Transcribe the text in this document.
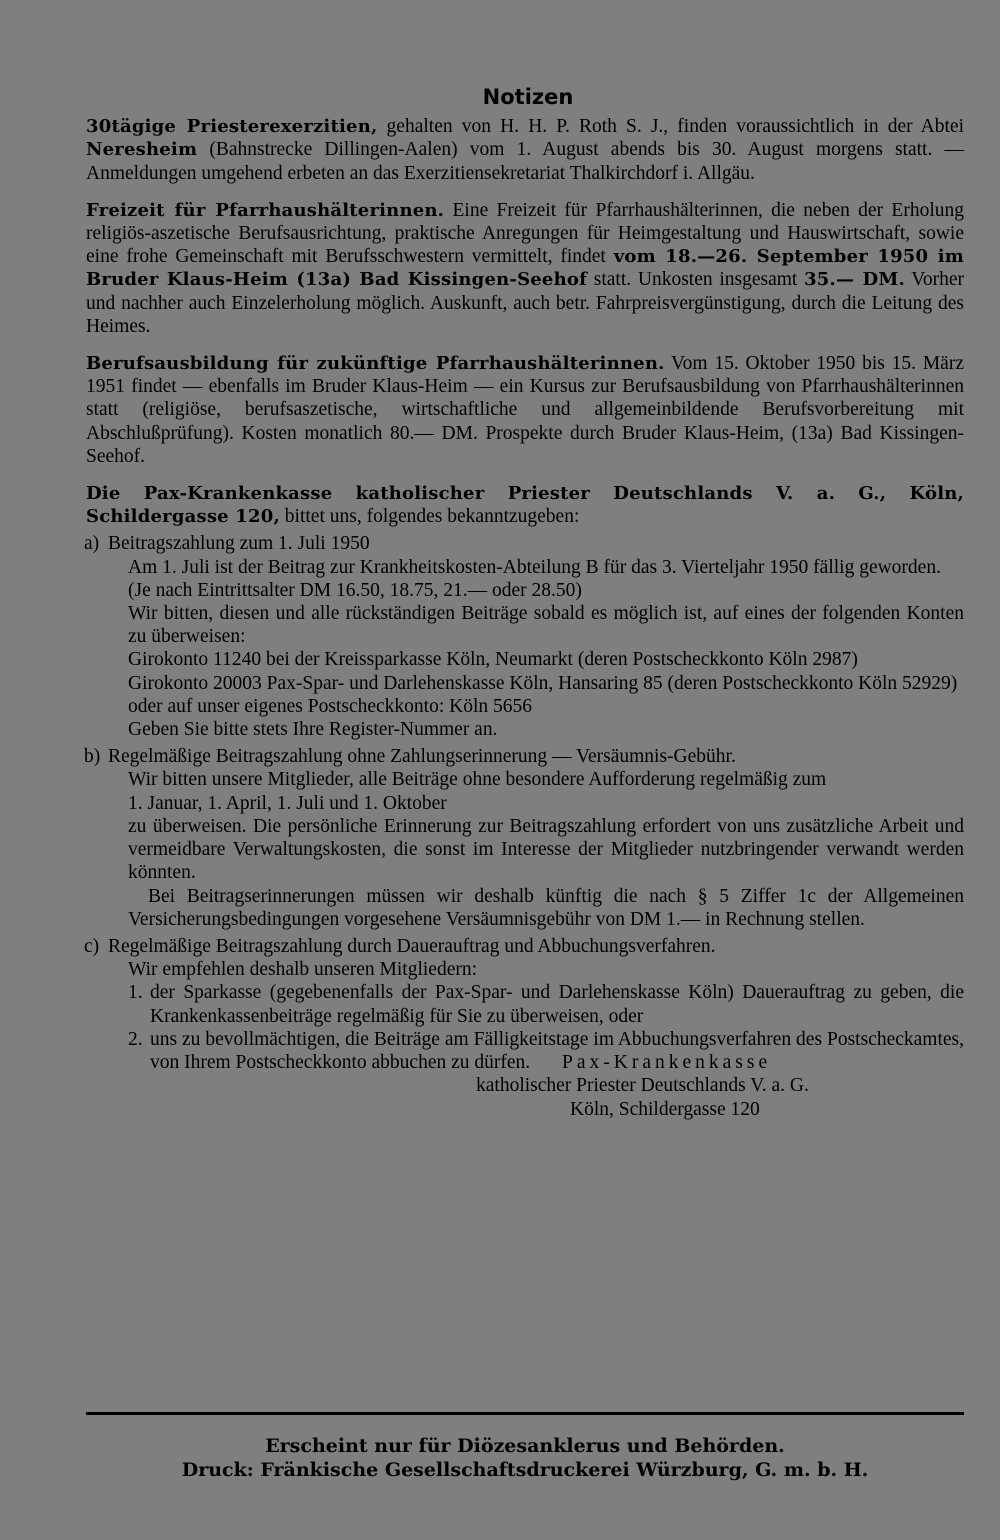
Notizen

30tägige Priesterexerzitien, gehalten von H. H. P. Roth S. J., finden voraussichtlich in der Abtei Neresheim (Bahnstrecke Dillingen-Aalen) vom 1. August abends bis 30. August morgens statt. — Anmeldungen umgehend erbeten an das Exerzitiensekretariat Thalkirchdorf i. Allgäu.

Freizeit für Pfarrhaushälterinnen. Eine Freizeit für Pfarrhaushälterinnen, die neben der Erholung religiös-aszetische Berufsausrichtung, praktische Anregungen für Heimgestaltung und Hauswirtschaft, sowie eine frohe Gemeinschaft mit Berufsschwestern vermittelt, findet vom 18.—26. September 1950 im Bruder Klaus-Heim (13a) Bad Kissingen-Seehof statt. Unkosten insgesamt 35.— DM. Vorher und nachher auch Einzelerholung möglich. Auskunft, auch betr. Fahrpreisvergünstigung, durch die Leitung des Heimes.

Berufsausbildung für zukünftige Pfarrhaushälterinnen. Vom 15. Oktober 1950 bis 15. März 1951 findet — ebenfalls im Bruder Klaus-Heim — ein Kursus zur Berufsausbildung von Pfarrhaushälterinnen statt (religiöse, berufsaszetische, wirtschaftliche und allgemeinbildende Berufsvorbereitung mit Abschlußprüfung). Kosten monatlich 80.— DM. Prospekte durch Bruder Klaus-Heim, (13a) Bad Kissingen-Seehof.

Die Pax-Krankenkasse katholischer Priester Deutschlands V. a. G., Köln, Schildergasse 120, bittet uns, folgendes bekanntzugeben:

a) Beitragszahlung zum 1. Juli 1950

Am 1. Juli ist der Beitrag zur Krankheitskosten-Abteilung B für das 3. Vierteljahr 1950 fällig geworden.

(Je nach Eintrittsalter DM 16.50, 18.75, 21.— oder 28.50)

Wir bitten, diesen und alle rückständigen Beiträge sobald es möglich ist, auf eines der folgenden Konten zu überweisen:

Girokonto 11240 bei der Kreissparkasse Köln, Neumarkt (deren Postscheckkonto Köln 2987)

Girokonto 20003 Pax-Spar- und Darlehenskasse Köln, Hansaring 85 (deren Postscheckkonto Köln 52929)

oder auf unser eigenes Postscheckkonto: Köln 5656

Geben Sie bitte stets Ihre Register-Nummer an.

b) Regelmäßige Beitragszahlung ohne Zahlungserinnerung — Versäumnis-Gebühr.

Wir bitten unsere Mitglieder, alle Beiträge ohne besondere Aufforderung regelmäßig zum

1. Januar, 1. April, 1. Juli und 1. Oktober

zu überweisen. Die persönliche Erinnerung zur Beitragszahlung erfordert von uns zusätzliche Arbeit und vermeidbare Verwaltungskosten, die sonst im Interesse der Mitglieder nutzbringender verwandt werden könnten.

Bei Beitragserinnerungen müssen wir deshalb künftig die nach § 5 Ziffer 1c der Allgemeinen Versicherungsbedingungen vorgesehene Versäumnisgebühr von DM 1.— in Rechnung stellen.

c) Regelmäßige Beitragszahlung durch Dauerauftrag und Abbuchungsverfahren.

Wir empfehlen deshalb unseren Mitgliedern:

1. der Sparkasse (gegebenenfalls der Pax-Spar- und Darlehenskasse Köln) Dauerauftrag zu geben, die Krankenkassenbeiträge regelmäßig für Sie zu überweisen, oder

2. uns zu bevollmächtigen, die Beiträge am Fälligkeitstage im Abbuchungsverfahren des Postscheckamtes, von Ihrem Postscheckkonto abbuchen zu dürfen.	Pax-Krankenkasse
katholischer Priester Deutschlands V. a. G.
Köln, Schildergasse 120
Erscheint nur für Diözesanklerus und Behörden.
Druck: Fränkische Gesellschaftsdruckerei Würzburg, G. m. b. H.
